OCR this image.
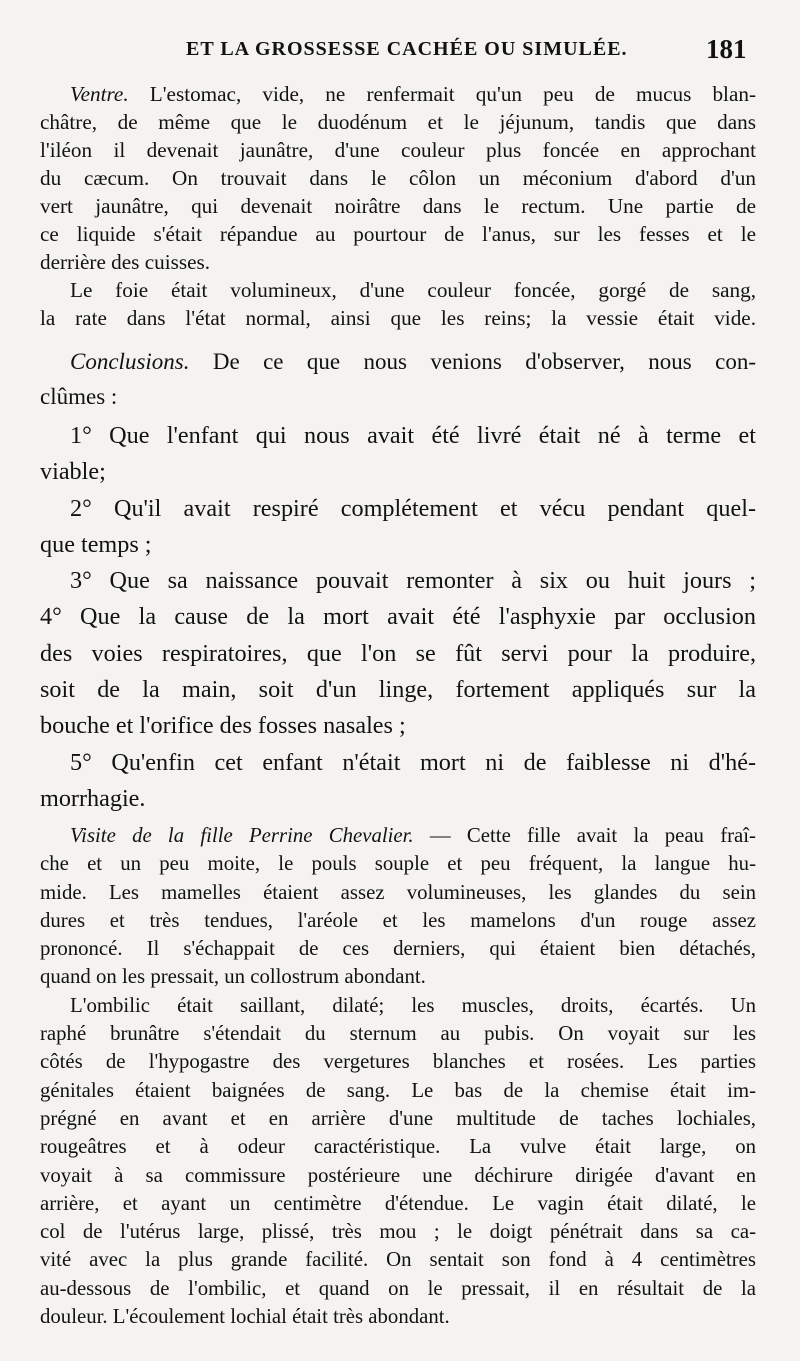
ET LA GROSSESSE CACHÉE OU SIMULÉE.	181
Ventre. L'estomac, vide, ne renfermait qu'un peu de mucus blan-
châtre, de même que le duodénum et le jéjunum, tandis que dans
l'iléon il devenait jaunâtre, d'une couleur plus foncée en approchant
du cæcum. On trouvait dans le côlon un méconium d'abord d'un
vert jaunâtre, qui devenait noirâtre dans le rectum. Une partie de
ce liquide s'était répandue au pourtour de l'anus, sur les fesses et le
derrière des cuisses.
Le foie était volumineux, d'une couleur foncée, gorgé de sang,
la rate dans l'état normal, ainsi que les reins; la vessie était vide.
Conclusions. De ce que nous venions d'observer, nous con-
clûmes :
1° Que l'enfant qui nous avait été livré était né à terme et
viable;
2° Qu'il avait respiré complétement et vécu pendant quel-
que temps ;
3° Que sa naissance pouvait remonter à six ou huit jours ;
4° Que la cause de la mort avait été l'asphyxie par occlusion
des voies respiratoires, que l'on se fût servi pour la produire,
soit de la main, soit d'un linge, fortement appliqués sur la
bouche et l'orifice des fosses nasales ;
5° Qu'enfin cet enfant n'était mort ni de faiblesse ni d'hé-
morrhagie.
Visite de la fille Perrine Chevalier. — Cette fille avait la peau fraî-
che et un peu moite, le pouls souple et peu fréquent, la langue hu-
mide. Les mamelles étaient assez volumineuses, les glandes du sein
dures et très tendues, l'aréole et les mamelons d'un rouge assez
prononcé. Il s'échappait de ces derniers, qui étaient bien détachés,
quand on les pressait, un collostrum abondant.
L'ombilic était saillant, dilaté; les muscles, droits, écartés. Un
raphé brunâtre s'étendait du sternum au pubis. On voyait sur les
côtés de l'hypogastre des vergetures blanches et rosées. Les parties
génitales étaient baignées de sang. Le bas de la chemise était im-
prégné en avant et en arrière d'une multitude de taches lochiales,
rougeâtres et à odeur caractéristique. La vulve était large, on
voyait à sa commissure postérieure une déchirure dirigée d'avant en
arrière, et ayant un centimètre d'étendue. Le vagin était dilaté, le
col de l'utérus large, plissé, très mou ; le doigt pénétrait dans sa ca-
vité avec la plus grande facilité. On sentait son fond à 4 centimètres
au-dessous de l'ombilic, et quand on le pressait, il en résultait de la
douleur. L'écoulement lochial était très abondant.
